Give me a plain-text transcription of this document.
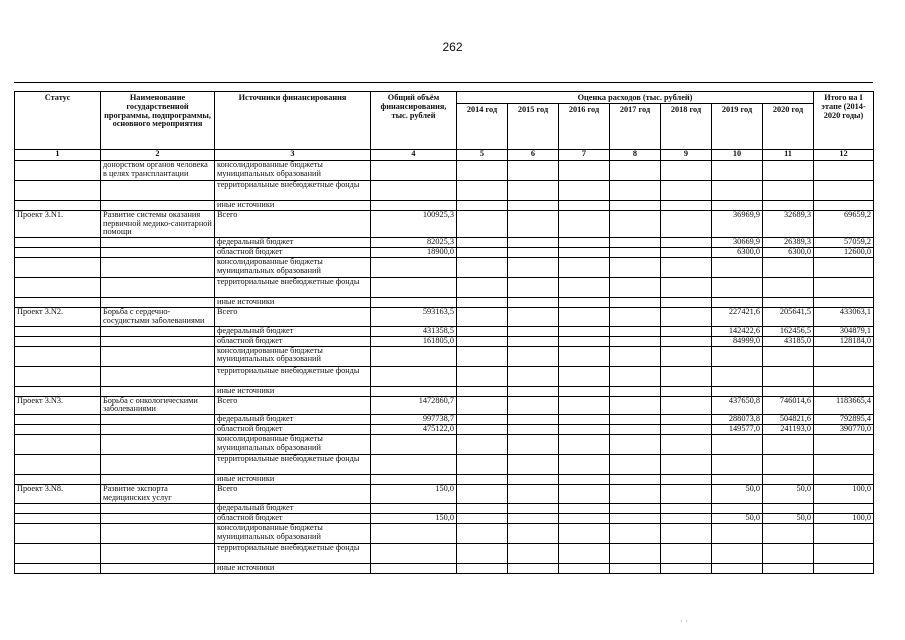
262
Статус	Наименование государственной программы, подпрограммы, основного мероприятия	Источники финансирования	Общий объём финансирования, тыс. рублей	Оценка расходов (тыс. рублей)							Итого на I этапе (2014-2020 годы)
				2014 год	2015 год	2016 год	2017 год	2018 год	2019 год	2020 год	
1	2	3	4	5	6	7	8	9	10	11	12
	донорством органов человека в целях трансплантации	консолидированные бюджеты муниципальных образований									
		территориальные внебюджетные фонды									
		иные источники									
Проект 3.N1.	Развитие системы оказания первичной медико-санитарной помощи	Всего	100925,3						36969,9	32689,3	69659,2
		федеральный бюджет	82025,3						30669,9	26389,3	57059,2
		областной бюджет	18900,0						6300,0	6300,0	12600,0
		консолидированные бюджеты муниципальных образований									
		территориальные внебюджетные фонды									
		иные источники									
Проект 3.N2.	Борьба с сердечно-сосудистыми заболеваниями	Всего	593163,5						227421,6	205641,5	433063,1
		федеральный бюджет	431358,5						142422,6	162456,5	304879,1
		областной бюджет	161805,0						84999,0	43185,0	128184,0
		консолидированные бюджеты муниципальных образований									
		территориальные внебюджетные фонды									
		иные источники									
Проект 3.N3.	Борьба с онкологическими заболеваниями	Всего	1472860,7						437650,8	746014,6	1183665,4
		федеральный бюджет	997738,7						288073,8	504821,6	792895,4
		областной бюджет	475122,0						149577,0	241193,0	390770,0
		консолидированные бюджеты муниципальных образований									
		территориальные внебюджетные фонды									
		иные источники									
Проект 3.N8.	Развитие экспорта медицинских услуг	Всего	150,0						50,0	50,0	100,0
		федеральный бюджет									
		областной бюджет	150,0						50,0	50,0	100,0
		консолидированные бюджеты муниципальных образований									
		территориальные внебюджетные фонды									
		иные источники									
· ·
